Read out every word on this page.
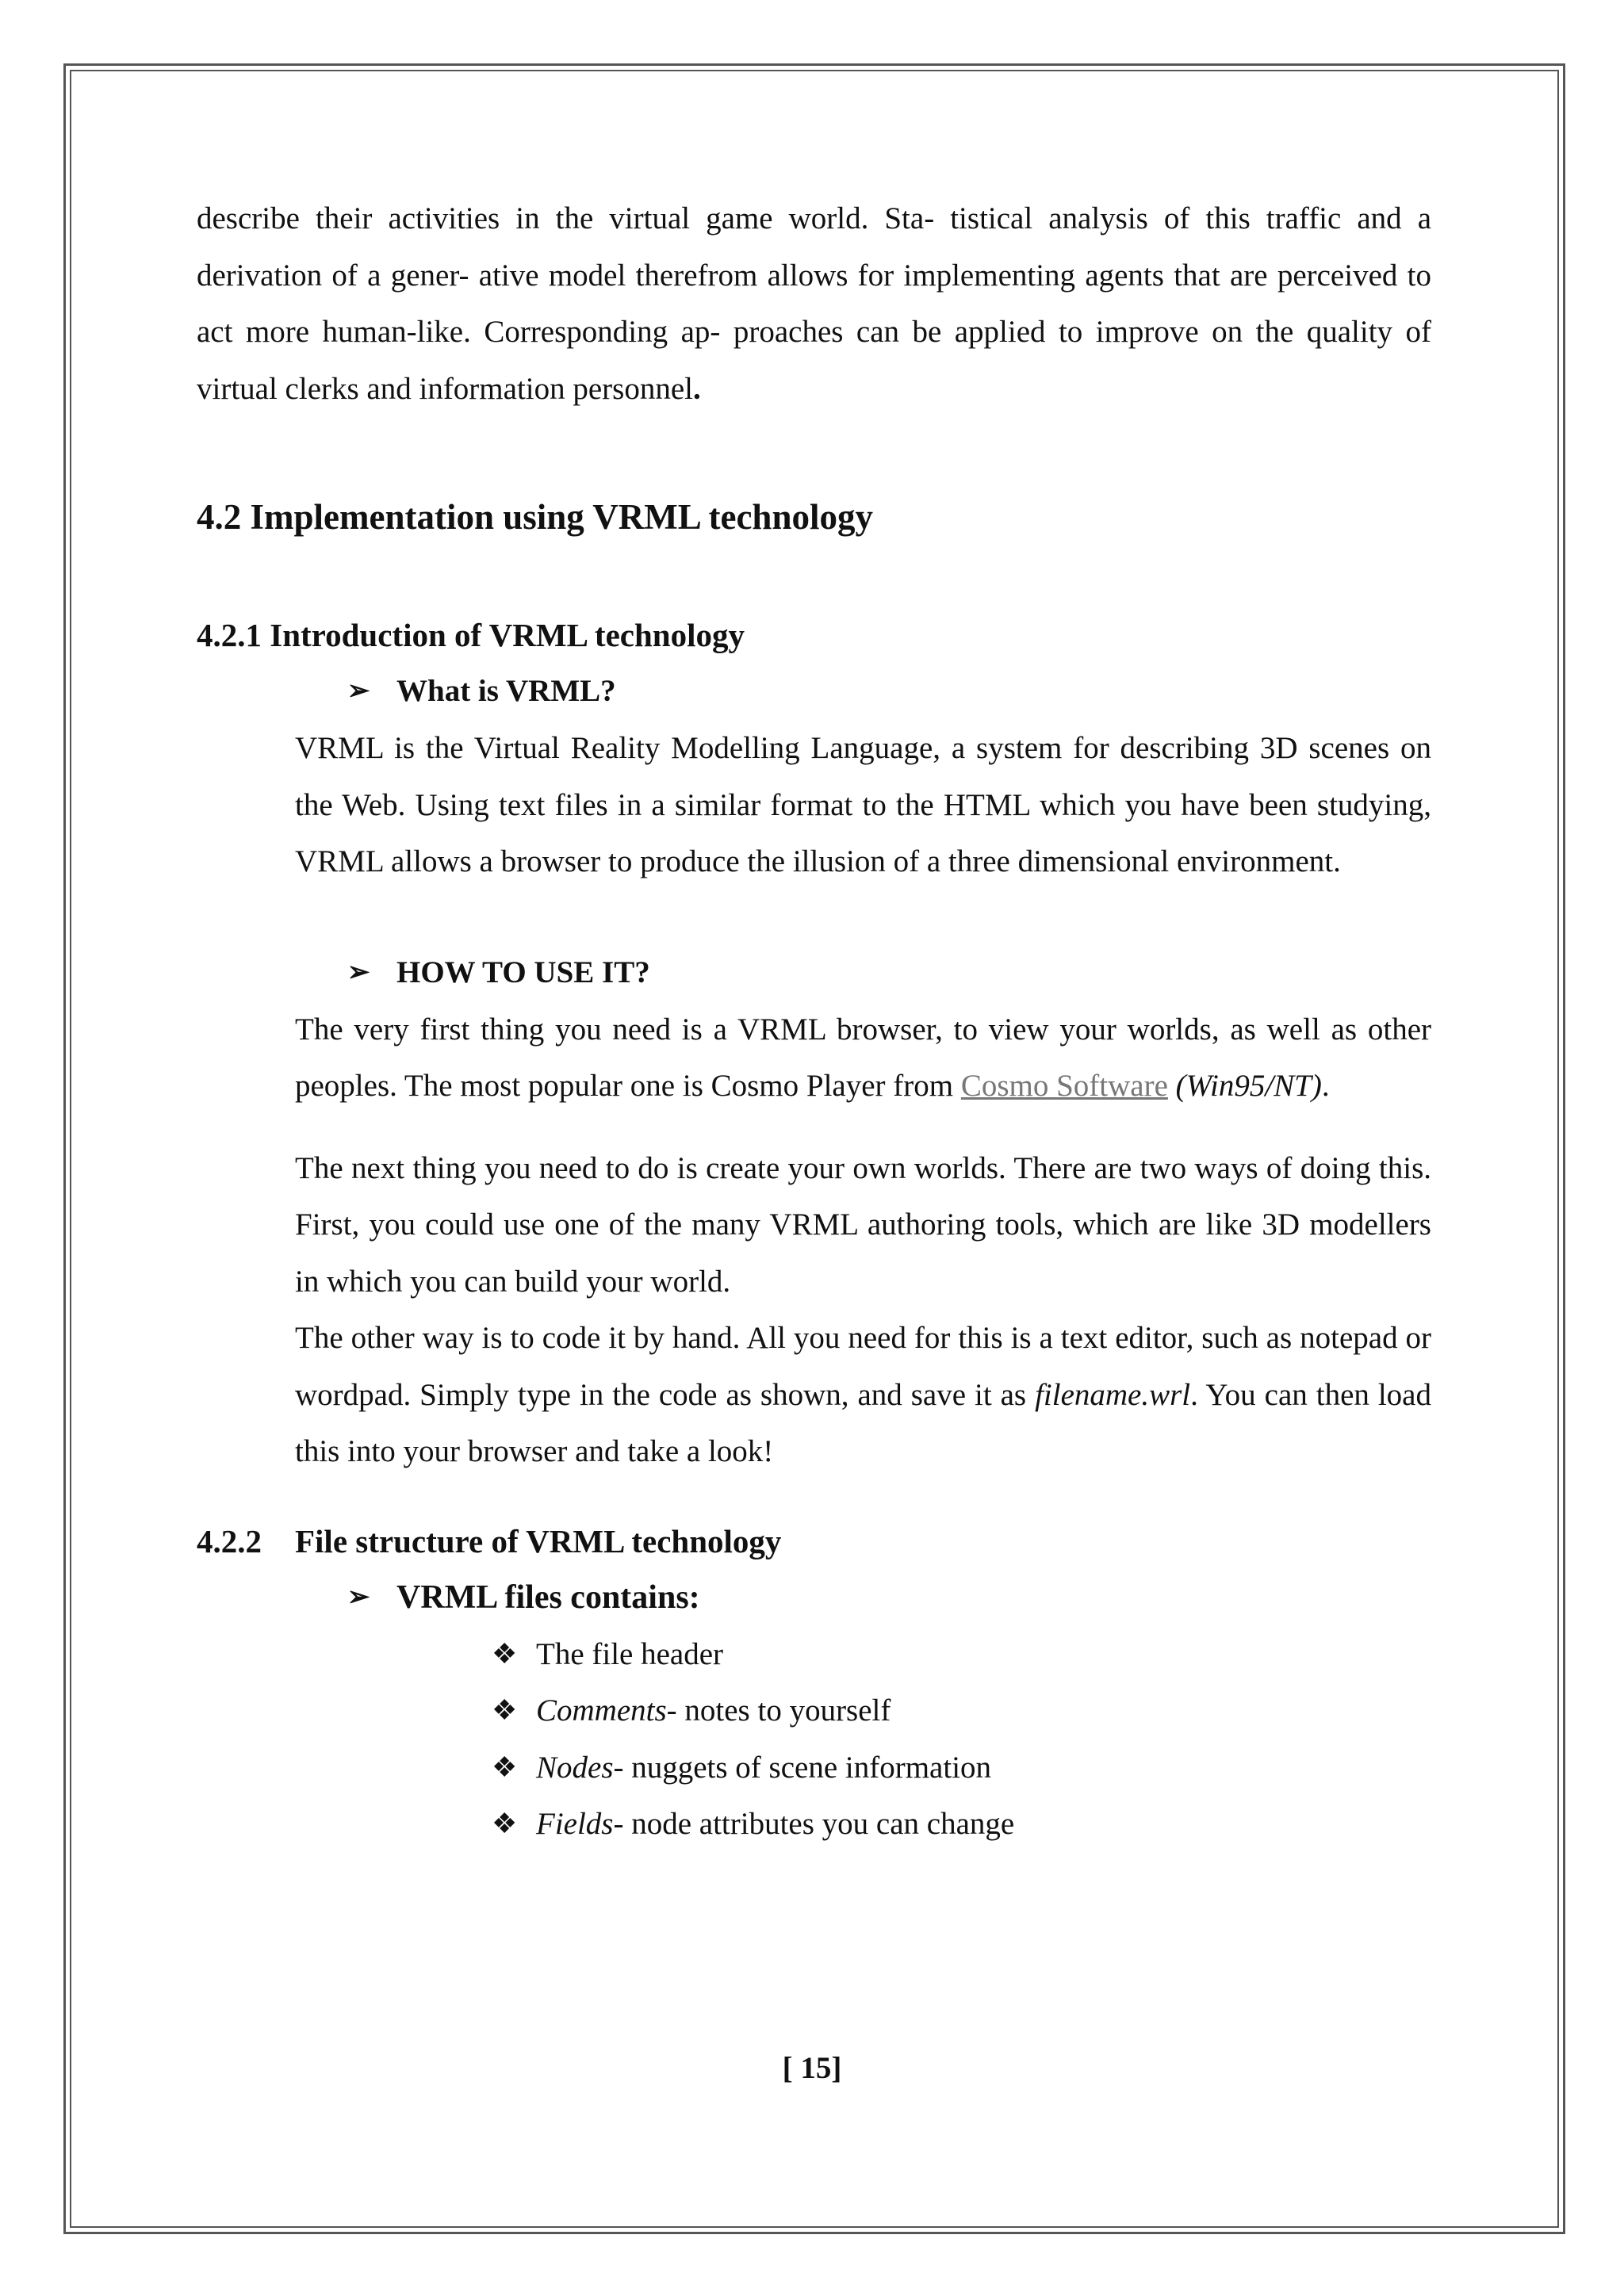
describe their activities in the virtual game world. Sta- tistical analysis of this traffic and a derivation of a gener- ative model therefrom allows for implementing agents that are perceived to act more human-like. Corresponding ap- proaches can be applied to improve on the quality of virtual clerks and information personnel.

4.2 Implementation using VRML technology
4.2.1 Introduction of VRML technology
➢ What is VRML?

VRML is the Virtual Reality Modelling Language, a system for describing 3D scenes on the Web. Using text files in a similar format to the HTML which you have been studying, VRML allows a browser to produce the illusion of a three dimensional environment.

➢ HOW TO USE IT?

The very first thing you need is a VRML browser, to view your worlds, as well as other peoples. The most popular one is Cosmo Player from Cosmo Software (Win95/NT).

The next thing you need to do is create your own worlds. There are two ways of doing this. First, you could use one of the many VRML authoring tools, which are like 3D modellers in which you can build your world.

The other way is to code it by hand. All you need for this is a text editor, such as notepad or wordpad. Simply type in the code as shown, and save it as filename.wrl. You can then load this into your browser and take a look!

4.2.2 File structure of VRML technology
➢ VRML files contains:
❖ The file header
❖ Comments - notes to yourself
❖ Nodes - nuggets of scene information
❖ Fields - node attributes you can change
[ 15]
